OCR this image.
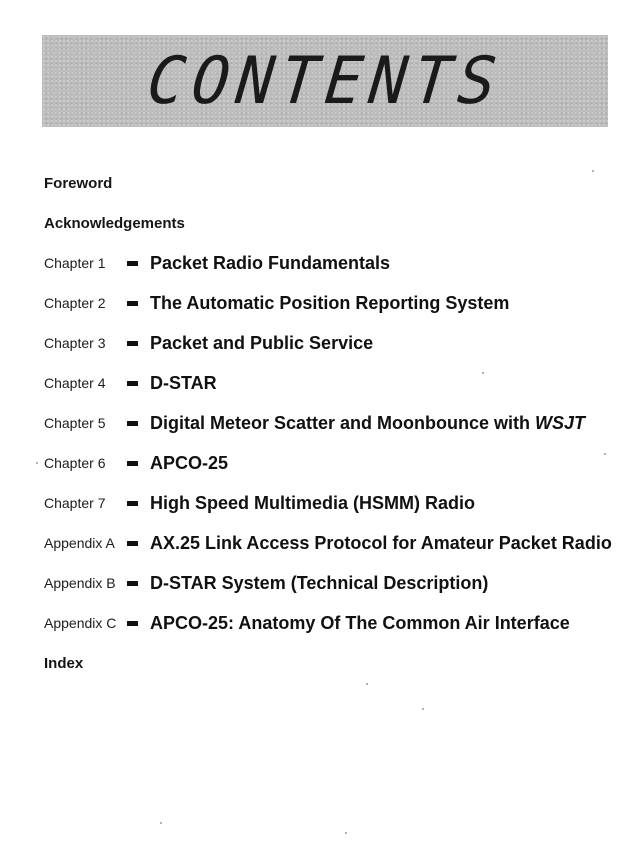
CONTENTS
Foreword
Acknowledgements
Chapter 1	Packet Radio Fundamentals
Chapter 2	The Automatic Position Reporting System
Chapter 3	Packet and Public Service
Chapter 4	D-STAR
Chapter 5	Digital Meteor Scatter and Moonbounce with WSJT
Chapter 6	APCO-25
Chapter 7	High Speed Multimedia (HSMM) Radio
Appendix A	AX.25 Link Access Protocol for Amateur Packet Radio
Appendix B	D-STAR System (Technical Description)
Appendix C	APCO-25: Anatomy Of The Common Air Interface
Index
